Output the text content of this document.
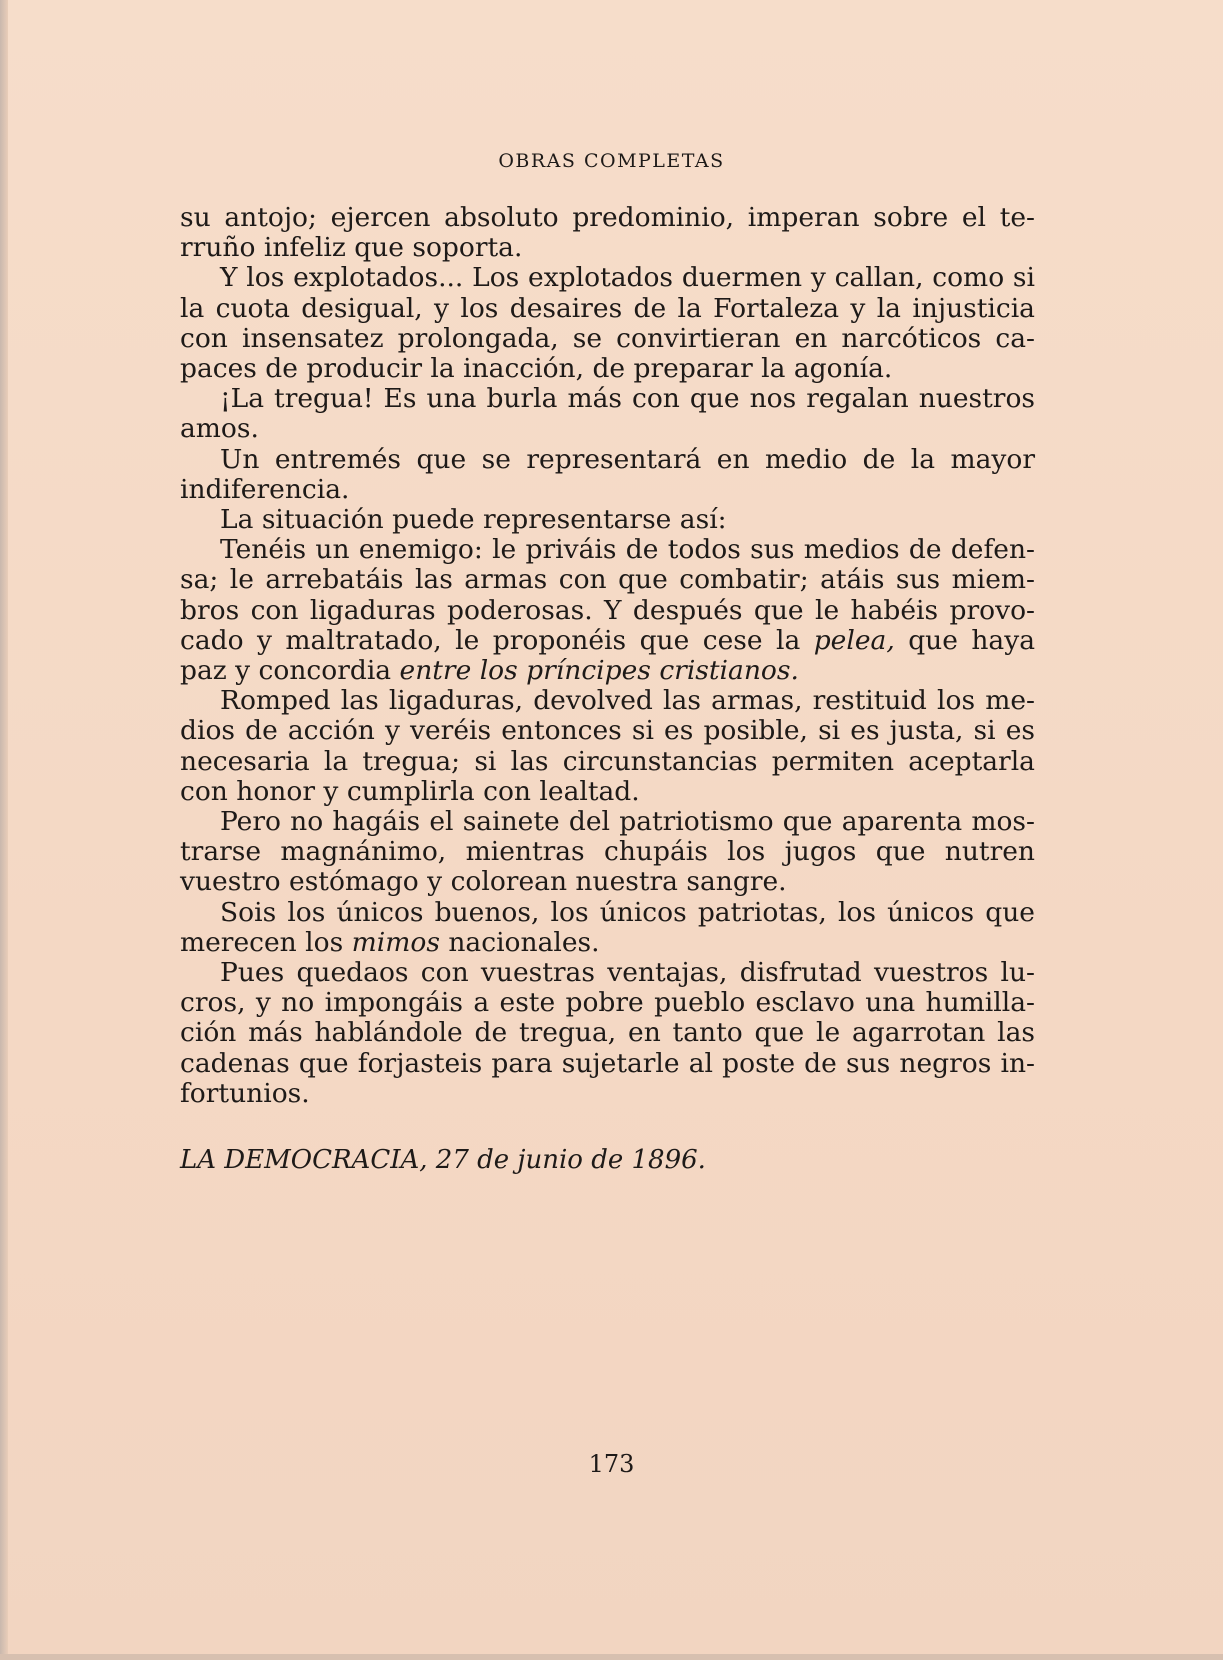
OBRAS COMPLETAS

su antojo; ejercen absoluto predominio, imperan sobre el terruño infeliz que soporta.

Y los explotados... Los explotados duermen y callan, como si la cuota desigual, y los desaires de la Fortaleza y la injusticia con insensatez prolongada, se convirtieran en narcóticos capaces de producir la inacción, de preparar la agonía.

¡La tregua! Es una burla más con que nos regalan nuestros amos.

Un entremés que se representará en medio de la mayor indiferencia.

La situación puede representarse así:

Tenéis un enemigo: le priváis de todos sus medios de defensa; le arrebatáis las armas con que combatir; atáis sus miembros con ligaduras poderosas. Y después que le habéis provocado y maltratado, le proponéis que cese la pelea, que haya paz y concordia entre los príncipes cristianos.

Romped las ligaduras, devolved las armas, restituid los medios de acción y veréis entonces si es posible, si es justa, si es necesaria la tregua; si las circunstancias permiten aceptarla con honor y cumplirla con lealtad.

Pero no hagáis el sainete del patriotismo que aparenta mostrarse magnánimo, mientras chupáis los jugos que nutren vuestro estómago y colorean nuestra sangre.

Sois los únicos buenos, los únicos patriotas, los únicos que merecen los mimos nacionales.

Pues quedaos con vuestras ventajas, disfrutad vuestros lucros, y no impongáis a este pobre pueblo esclavo una humillación más hablándole de tregua, en tanto que le agarrotan las cadenas que forjasteis para sujetarle al poste de sus negros infortunios.

LA DEMOCRACIA, 27 de junio de 1896.
173
